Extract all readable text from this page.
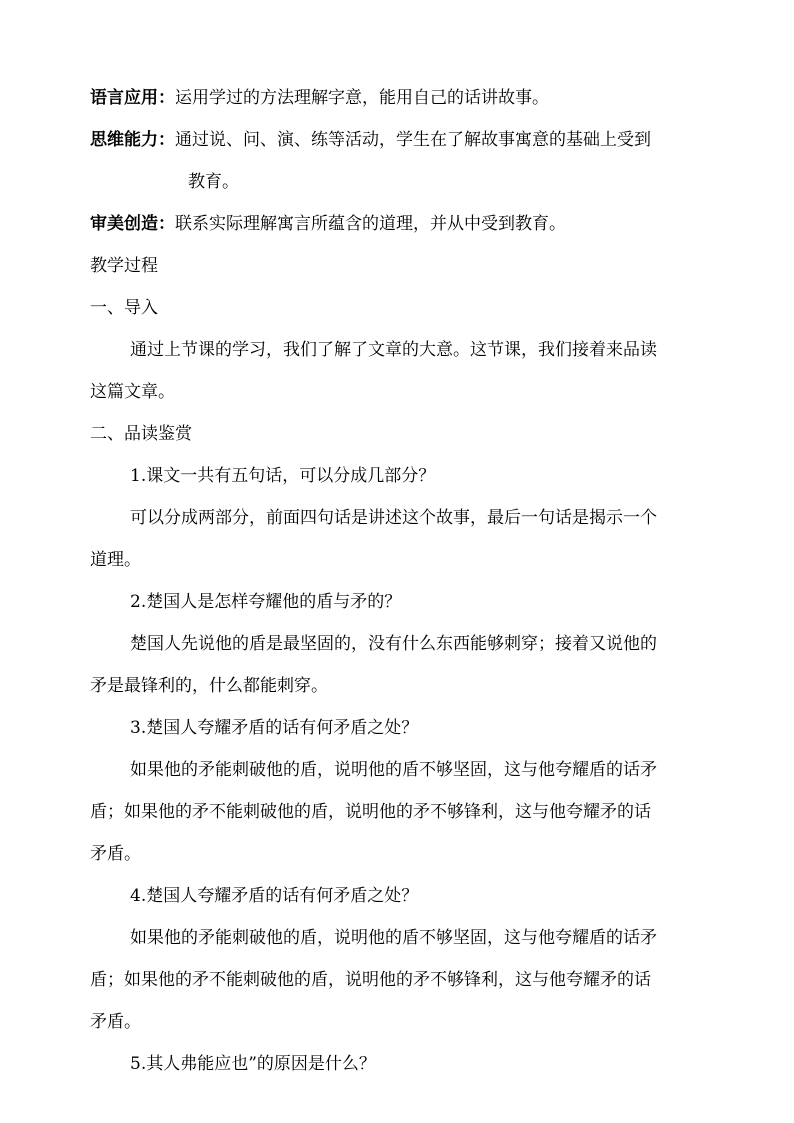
语言应用：运用学过的方法理解字意，能用自己的话讲故事。
思维能力：通过说、问、演、练等活动，学生在了解故事寓意的基础上受到
教育。
审美创造：联系实际理解寓言所蕴含的道理，并从中受到教育。
教学过程
一、导入
通过上节课的学习，我们了解了文章的大意。这节课，我们接着来品读
这篇文章。
二、品读鉴赏
1.课文一共有五句话，可以分成几部分？
可以分成两部分，前面四句话是讲述这个故事，最后一句话是揭示一个
道理。
2.楚国人是怎样夸耀他的盾与矛的？
楚国人先说他的盾是最坚固的，没有什么东西能够刺穿；接着又说他的
矛是最锋利的，什么都能刺穿。
3.楚国人夸耀矛盾的话有何矛盾之处？
如果他的矛能刺破他的盾，说明他的盾不够坚固，这与他夸耀盾的话矛
盾；如果他的矛不能刺破他的盾，说明他的矛不够锋利，这与他夸耀矛的话
矛盾。
4.楚国人夸耀矛盾的话有何矛盾之处？
如果他的矛能刺破他的盾，说明他的盾不够坚固，这与他夸耀盾的话矛
盾；如果他的矛不能刺破他的盾，说明他的矛不够锋利，这与他夸耀矛的话
矛盾。
5.其人弗能应也”的原因是什么？
